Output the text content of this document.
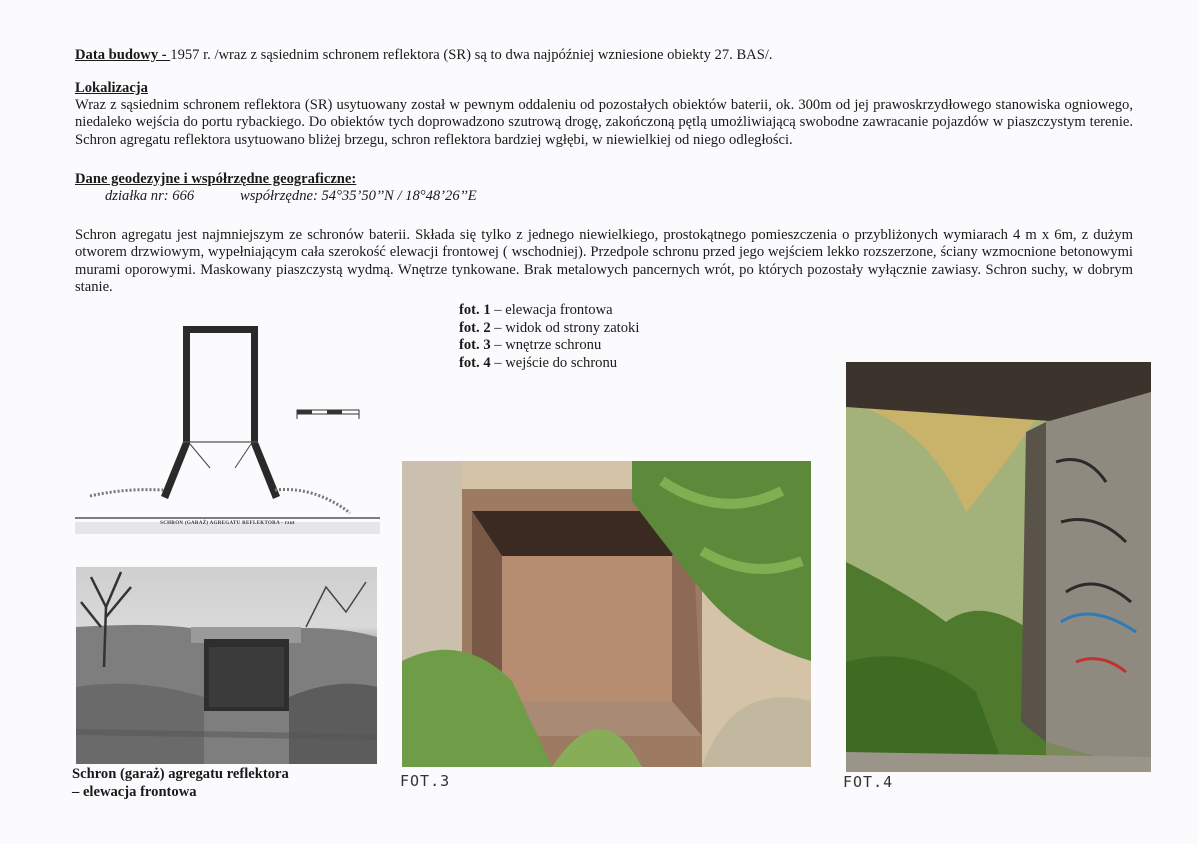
Data budowy - 1957 r. /wraz z sąsiednim schronem reflektora (SR) są to dwa najpóźniej wzniesione obiekty 27. BAS/.
Lokalizacja
Wraz z sąsiednim schronem reflektora (SR) usytuowany został w pewnym oddaleniu od pozostałych obiektów baterii, ok. 300m od jej prawoskrzydłowego stanowiska ogniowego, niedaleko wejścia do portu rybackiego. Do obiektów tych doprowadzono szutrową drogę, zakończoną pętlą umożliwiającą swobodne zawracanie pojazdów w piaszczystym terenie. Schron agregatu reflektora usytuowano bliżej brzegu, schron reflektora bardziej wgłębi, w niewielkiej od niego odległości.
Dane geodezyjne i współrzędne geograficzne:
działka nr: 666	współrzędne: 54°35’50’’N / 18°48’26’’E
Schron agregatu jest najmniejszym ze schronów baterii. Składa się tylko z jednego niewielkiego, prostokątnego pomieszczenia o przybliżonych wymiarach 4 m x 6m, z dużym otworem drzwiowym, wypełniającym cała szerokość elewacji frontowej ( wschodniej). Przedpole schronu przed jego wejściem lekko rozszerzone, ściany wzmocnione betonowymi murami oporowymi. Maskowany piaszczystą wydmą. Wnętrze tynkowane. Brak metalowych pancernych wrót, po których pozostały wyłącznie zawiasy. Schron suchy, w dobrym stanie.
fot. 1 – elewacja frontowa
fot. 2 – widok od strony zatoki
fot. 3 – wnętrze schronu
fot. 4 – wejście do schronu
SCHRON (GARAŻ) AGREGATU REFLEKTORA - rzut
Schron (garaż) agregatu reflektora
– elewacja frontowa
FOT.3	FOT.4
